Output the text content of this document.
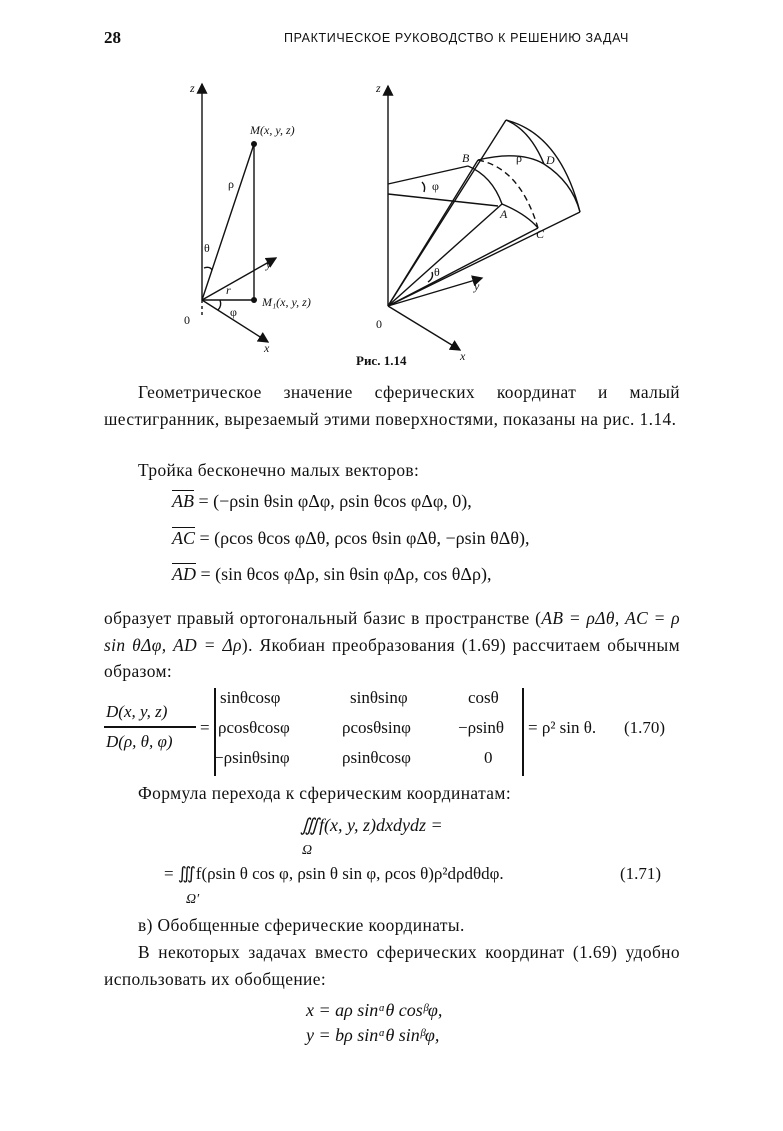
28	ПРАКТИЧЕСКОЕ РУКОВОДСТВО К РЕШЕНИЮ ЗАДАЧ
z
y
x
0
M(x, y, z)
M₁(x, y, z)
ρ
θ
φ
r
z
y
x
0
A
B
C
D
ρ
φ
θ
Рис. 1.14
Геометрическое значение сферических координат и малый шестигранник, вырезаемый этими поверхностями, показаны на рис. 1.14.
Тройка бесконечно малых векторов:
$\overline{AB} = (-\rho\sin$ θsin φΔφ, ρsin θcos φΔφ, 0),
$\overline{AC} = (\rho\cos$ θcos φΔθ, ρcos θsin φΔθ, −ρsin θΔθ),
$\overline{AD} = (\sin$ θcos φΔρ, sin θsin φΔρ, cos θΔρ),
образует правый ортогональный базис в пространстве (AB = ρΔθ, AC = ρ sin θΔφ, AD = Δρ). Якобиан преобразования (1.69) рассчитаем обычным образом:
D(x, y, z)
D(ρ, θ, φ)
=
sinθcosφ	sinθsinφ	cosθ
ρcosθcosφ	ρcosθsinφ	−ρsinθ
−ρsinθsinφ	ρsinθcosφ	0
= ρ² sin θ. (1.70)
Формула перехода к сферическим координатам:
∭f(x, y, z)dxdydz =
Ω
= ∭f(ρsin θ cos φ, ρsin θ sin φ, ρcos θ)ρ²dρdθdφ.
Ω′
(1.71)
в) Обобщенные сферические координаты.
В некоторых задачах вместо сферических координат (1.69) удобно использовать их обобщение:
x = aρ sinᵅθ cosᵝφ,
y = bρ sinᵅθ sinᵝφ,
